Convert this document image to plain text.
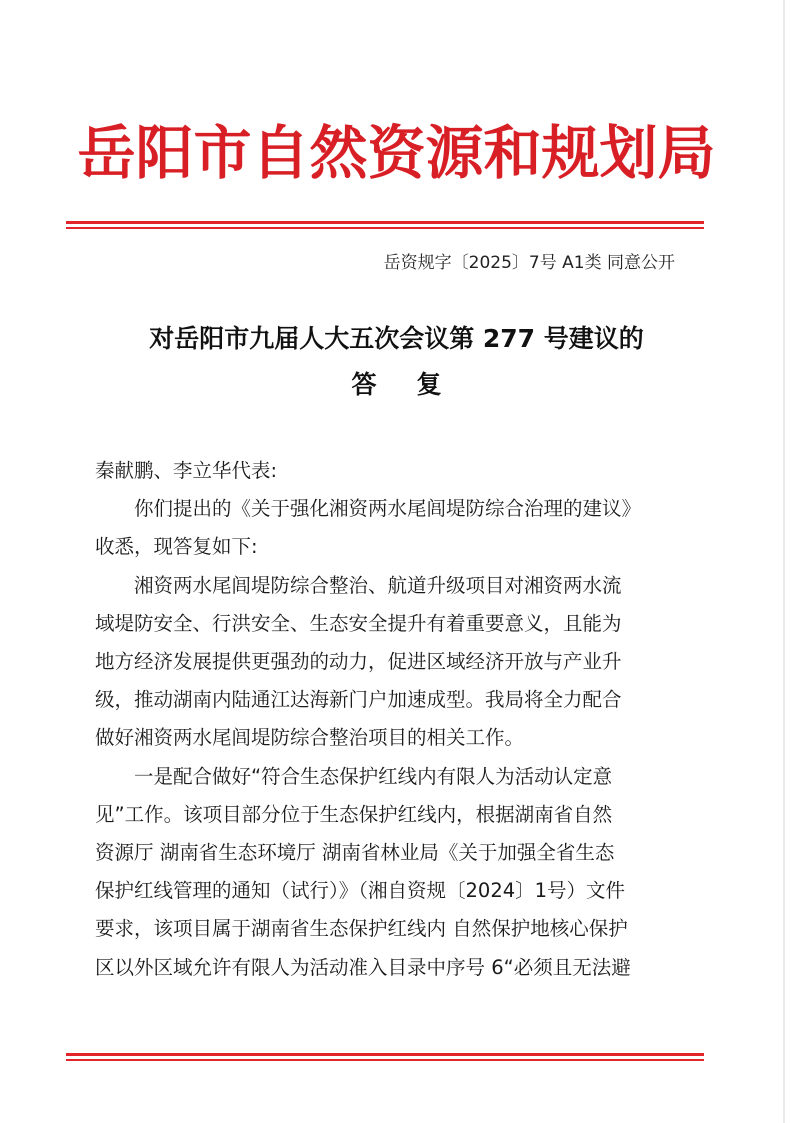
岳阳市自然资源和规划局
岳资规字〔2025〕7号 A1类 同意公开
对岳阳市九届人大五次会议第 277 号建议的
答复

秦献鹏、李立华代表:

你们提出的《关于强化湘资两水尾闾堤防综合治理的建议》
收悉，现答复如下:

湘资两水尾闾堤防综合整治、航道升级项目对湘资两水流
域堤防安全、行洪安全、生态安全提升有着重要意义，且能为
地方经济发展提供更强劲的动力，促进区域经济开放与产业升
级，推动湖南内陆通江达海新门户加速成型。我局将全力配合
做好湘资两水尾闾堤防综合整治项目的相关工作。

一是配合做好“符合生态保护红线内有限人为活动认定意
见”工作。该项目部分位于生态保护红线内，根据湖南省自然
资源厅 湖南省生态环境厅 湖南省林业局《关于加强全省生态
保护红线管理的通知（试行）》（湘自资规〔2024〕1号）文件
要求，该项目属于湖南省生态保护红线内 自然保护地核心保护
区以外区域允许有限人为活动准入目录中序号 6“必须且无法避
